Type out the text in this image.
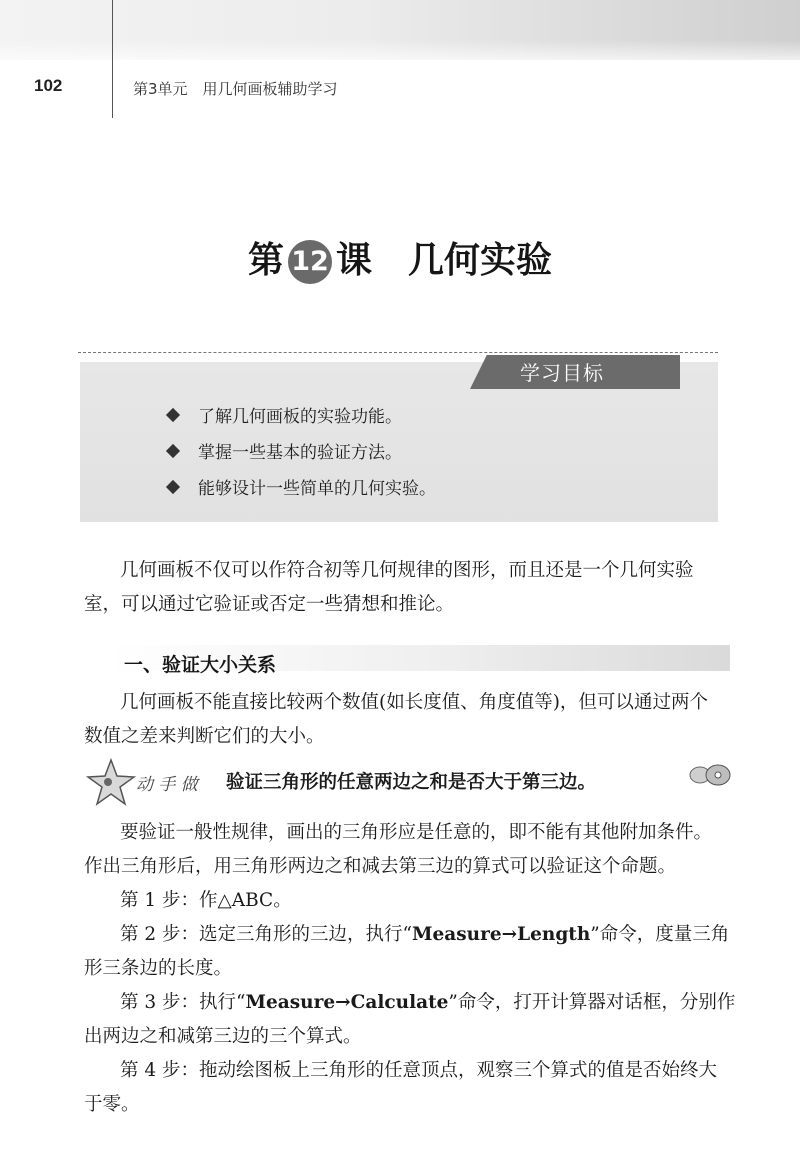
102	第3单元　用几何画板辅助学习
第 12 课 几何实验
学习目标
了解几何画板的实验功能。
掌握一些基本的验证方法。
能够设计一些简单的几何实验。
几何画板不仅可以作符合初等几何规律的图形，而且还是一个几何实验
室，可以通过它验证或否定一些猜想和推论。
一、验证大小关系
几何画板不能直接比较两个数值(如长度值、角度值等)，但可以通过两个
数值之差来判断它们的大小。
动 手 做 验证三角形的任意两边之和是否大于第三边。
要验证一般性规律，画出的三角形应是任意的，即不能有其他附加条件。
作出三角形后，用三角形两边之和减去第三边的算式可以验证这个命题。
第 1 步：作△ABC。
第 2 步：选定三角形的三边，执行“Measure→Length”命令，度量三角
形三条边的长度。
第 3 步：执行“Measure→Calculate”命令，打开计算器对话框，分别作
出两边之和减第三边的三个算式。
第 4 步：拖动绘图板上三角形的任意顶点，观察三个算式的值是否始终大
于零。
